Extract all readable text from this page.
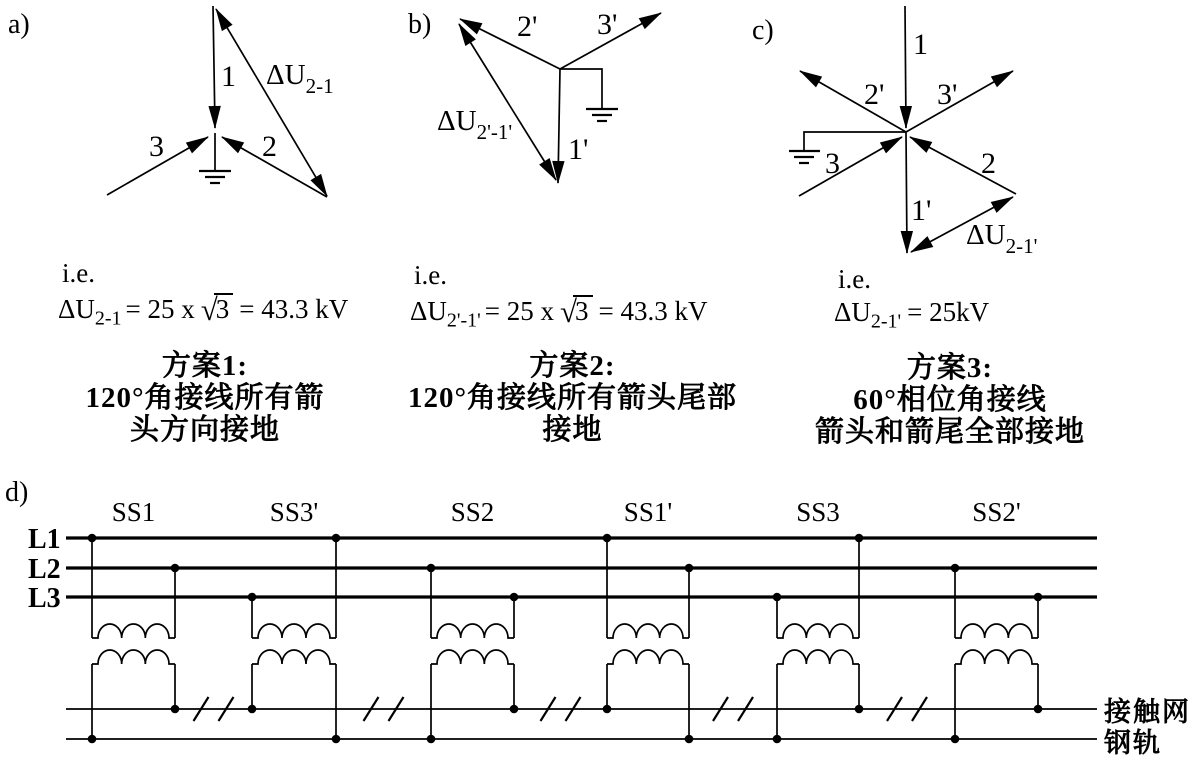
a)
1
2
3
ΔU2-1
b)	2' 3'
1'
ΔU2'-1'
c)	1
2' 3'
3	2
1'
ΔU2-1'
d)
接触网
钢轨
L1
L2
L3
SS1	SS3'	SS2	SS1'	SS3	SS2'
i.e.
$\Delta U_{2-1} = 25$ x √3 = 43.3 kV
i.e.
$\Delta U_{2'-1'} = 25$ x √3 = 43.3 kV
i.e.
$\Delta U_{2-1'} = 25kV$
方案1:
120°角接线所有箭
头方向接地
方案2:
120°角接线所有箭头尾部
接地
方案3:
60°相位角接线
箭头和箭尾全部接地
